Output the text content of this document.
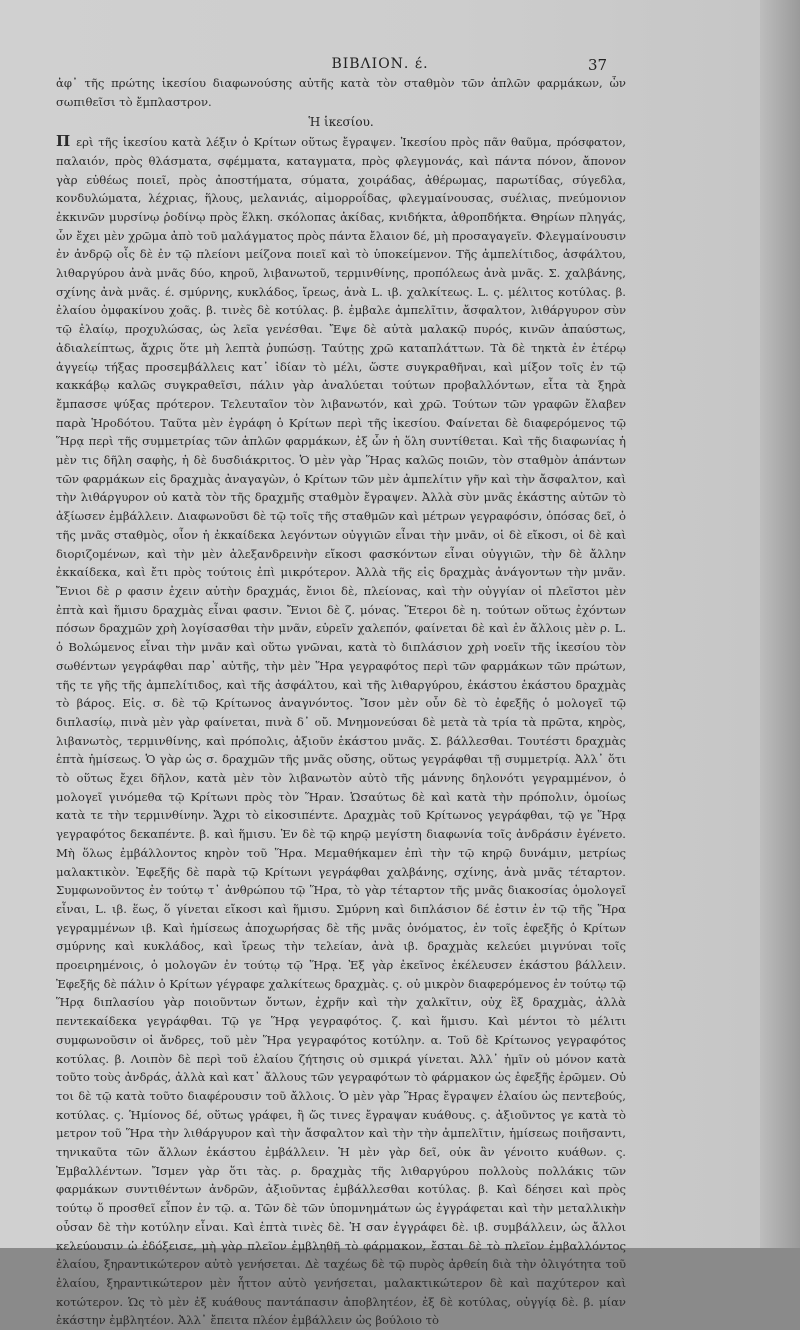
ΒΙΒΛΙΟΝ. έ.	37

ἀφ᾽ τῆς πρώτης ἱκεσίου διαφωνούσης αὐτῆς κατὰ τὸν σταθμὸν τῶν ἁπλῶν φαρμάκων, ὧν σωπιθεῖσι τὸ ἔμπλαστρον.

Ἡ ἱκεσίου.

Π ερὶ τῆς ἱκεσίου κατὰ λέξιν ὁ Κρίτων οὕτως ἔγραψεν. Ἱκεσίου πρὸς πᾶν θαῦμα, πρόσφατον, παλαιόν, πρὸς θλάσματα, σφέμματα, καταγματα, πρὸς φλεγμονάς, καὶ πάντα πόνον, ἄπονον γὰρ εὐθέως ποιεῖ, πρὸς ἀποστήματα, σύματα, χοιράδας, ἀθέρωμας, παρωτίδας, σύγεδλα, κονδυλώματα, λέχριας, ἥλους, μελανιάς, αἱμορροΐδας, φλεγμαίνουσας, συέλιας, πνεύμονιον ἐκκινῶν μυρσίνῳ ῥοδίνῳ πρὸς ἕλκη. σκόλοπας ἀκίδας, κνιδήκτα, ἀθροπδήκτα. Θηρίων πληγάς, ὧν ἔχει μὲν χρῶμα ἀπὸ τοῦ μαλάγματος πρὸς πάντα ἔλαιον δέ, μὴ προσαγαγεῖν. Φλεγμαίνουσιν ἐν ἀνδρῷ οἷς δὲ ἐν τῷ πλείονι μείζονα ποιεῖ καὶ τὸ ὑποκείμενον. Τῆς ἀμπελίτιδος, ἀσφάλτου, λιθαργύρου ἀνὰ μνᾶς δύο, κηροῦ, λιβανωτοῦ, τερμινθίνης, προπόλεως ἀνὰ μνᾶς. Σ. χαλβάνης, σχίνης ἀνὰ μνᾶς. έ. σμύρνης, κυκλάδος, ἴρεως, ἀνὰ L. ιβ. χαλκίτεως. L. ς. μέλιτος κοτύλας. β. ἐλαίου ὀμφακίνου χοᾶς. β. τινὲς δὲ κοτύλας. β. ἐμβαλε ἀμπελῖτιν, ἄσφαλτον, λιθάργυρον σὺν τῷ ἐλαίῳ, προχυλώσας, ὡς λεῖα γενέσθαι. Ἔψε δὲ αὐτὰ μαλακῷ πυρός, κινῶν ἀπαύστως, ἀδιαλείπτως, ἄχρις ὅτε μὴ λεπτὰ ῥυπώσῃ. Ταύτῃς χρῶ καταπλάττων. Τὰ δὲ τηκτὰ ἐν ἑτέρῳ ἀγγείῳ τήξας προσεμβάλλεις κατ᾽ ἰδίαν τὸ μέλι, ὥστε συγκραθῆναι, καὶ μίξον τοῖς ἐν τῷ κακκάβῳ καλῶς συγκραθεῖσι, πάλιν γὰρ ἀναλύεται τούτων προβαλλόντων, εἶτα τὰ ξηρὰ ἔμπασσε ψύξας πρότερον. Τελευταῖον τὸν λιβανωτόν, καὶ χρῶ. Τούτων τῶν γραφῶν ἔλαβεν παρὰ Ἡροδότου. Ταῦτα μὲν ἐγράφη ὁ Κρίτων περὶ τῆς ἱκεσίου. Φαίνεται δὲ διαφερόμενος τῷ Ἥρᾳ περὶ τῆς συμμετρίας τῶν ἁπλῶν φαρμάκων, ἐξ ὧν ἡ ὅλη συντίθεται. Καὶ τῆς διαφωνίας ἡ μὲν τις δῆλη σαφὴς, ἡ δὲ δυσδιάκριτος. Ὁ μὲν γὰρ Ἥρας καλῶς ποιῶν, τὸν σταθμὸν ἁπάντων τῶν φαρμάκων εἰς δραχμὰς ἀναγαγὼν, ὁ Κρίτων τῶν μὲν ἀμπελίτιν γῆν καὶ τὴν ἄσφαλτον, καὶ τὴν λιθάργυρον οὐ κατὰ τὸν τῆς δραχμῆς σταθμὸν ἔγραψεν. Ἀλλὰ σὺν μνᾶς ἑκάστης αὐτῶν τὸ ἀξίωσεν ἐμβάλλειν. Διαφωνοῦσι δὲ τῷ τοῖς τῆς σταθμῶν καὶ μέτρων γεγραφόσιν, ὁπόσας δεῖ, ὁ τῆς μνᾶς σταθμὸς, οἷον ἡ ἐκκαίδεκα λεγόντων οὐγγιῶν εἶναι τὴν μνᾶν, οἱ δὲ εἴκοσι, οἱ δὲ καὶ διοριζομένων, καὶ τὴν μὲν ἀλεξανδρεινὴν εἴκοσι φασκόντων εἶναι οὐγγιῶν, τὴν δὲ ἄλλην ἐκκαίδεκα, καὶ ἔτι πρὸς τούτοις ἐπὶ μικρότερον. Ἀλλὰ τῆς εἰς δραχμὰς ἀνάγοντων τὴν μνᾶν. Ἔνιοι δὲ ρ φασιν ἐχειν αὐτὴν δραχμάς, ἔνιοι δὲ, πλείονας, καὶ τὴν οὐγγίαν οἱ πλεῖστοι μὲν ἐπτὰ καὶ ἥμισυ δραχμὰς εἶναι φασιν. Ἔνιοι δὲ ζ. μόνας. Ἕτεροι δὲ η. τούτων οὕτως ἐχόντων πόσων δραχμῶν χρὴ λογίσασθαι τὴν μνᾶν, εὑρεῖν χαλεπόν, φαίνεται δὲ καὶ ἐν ἄλλοις μὲν ρ. L. ὁ Βολώμενος εἶναι τὴν μνᾶν καὶ οὕτω γνῶναι, κατὰ τὸ διπλάσιον χρὴ νοεῖν τῆς ἱκεσίου τὸν σωθέντων γεγράφθαι παρ᾽ αὐτῆς, τὴν μὲν Ἥρα γεγραφότος περὶ τῶν φαρμάκων τῶν πρώτων, τῆς τε γῆς τῆς ἀμπελίτιδος, καὶ τῆς ἀσφάλτου, καὶ τῆς λιθαργύρου, ἑκάστου ἑκάστου δραχμὰς τὸ βάρος. Εἰς. σ. δὲ τῷ Κρίτωνος ἀναγνόντος. Ἴσον μὲν οὖν δὲ τὸ ἐφεξῆς ὁ μολογεῖ τῷ διπλασίῳ, πινὰ μὲν γὰρ φαίνεται, πινὰ δ᾽ οὔ. Μνημονεύσαι δὲ μετὰ τὰ τρία τὰ πρῶτα, κηρὸς, λιβανωτὸς, τερμινθίνης, καὶ πρόπολις, ἀξιοῦν ἑκάστου μνᾶς. Σ. βάλλεσθαι. Τουτέστι δραχμὰς ἑπτὰ ἡμίσεως. Ὁ γὰρ ὡς σ. δραχμῶν τῆς μνᾶς οὔσης, οὕτως γεγράφθαι τῇ συμμετρίᾳ. Ἀλλ᾽ ὅτι τὸ οὕτως ἔχει δῆλον, κατὰ μὲν τὸν λιβανωτὸν αὐτὸ τῆς μάννης δηλονότι γεγραμμένον, ὁ μολογεῖ γινόμεθα τῷ Κρίτωνι πρὸς τὸν Ἥραν. Ὡσαύτως δὲ καὶ κατὰ τὴν πρόπολιν, ὁμοίως κατὰ τε τὴν τερμινθίνην. Ἄχρι τὸ εἰκοσιπέντε. Δραχμὰς τοῦ Κρίτωνος γεγράφθαι, τῷ γε Ἥρᾳ γεγραφότος δεκαπέντε. β. καὶ ἥμισυ. Ἐν δὲ τῷ κηρῷ μεγίστη διαφωνία τοῖς ἀνδράσιν ἐγένετο. Μὴ ὅλως ἐμβάλλοντος κηρὸν τοῦ Ἥρα. Μεμαθήκαμεν ἐπὶ τὴν τῷ κηρῷ δυνάμιν, μετρίως μαλακτικὸν. Ἐφεξῆς δὲ παρὰ τῷ Κρίτωνι γεγράφθαι χαλβάνης, σχίνης, ἀνὰ μνᾶς τέταρτον. Συμφωνοῦντος ἐν τούτῳ τ᾽ ἀνθρώπου τῷ Ἥρα, τὸ γὰρ τέταρτον τῆς μνᾶς διακοσίας ὁμολογεῖ εἶναι, L. ιβ. ἕως, ὅ γίνεται εἴκοσι καὶ ἥμισυ. Σμύρνη καὶ διπλάσιον δέ ἐστιν ἐν τῷ τῆς Ἥρα γεγραμμένων ιβ. Καὶ ἡμίσεως ἀποχωρήσας δὲ τῆς μνᾶς ὀνόματος, ἐν τοῖς ἐφεξῆς ὁ Κρίτων σμύρνης καὶ κυκλάδος, καὶ ἴρεως τὴν τελείαν, ἀνὰ ιβ. δραχμὰς κελεύει μιγνύναι τοῖς προειρημένοις, ὁ μολογῶν ἐν τούτῳ τῷ Ἥρᾳ. Ἐξ γὰρ ἐκεῖνος ἐκέλευσεν ἑκάστου βάλλειν. Ἐφεξῆς δὲ πάλιν ὁ Κρίτων γέγραφε χαλκίτεως δραχμὰς. ς. οὐ μικρὸν διαφερόμενος ἐν τούτῳ τῷ Ἥρᾳ διπλασίου γὰρ ποιοῦντων ὄντων, ἐχρῆν καὶ τὴν χαλκῖτιν, οὐχ ἓξ δραχμὰς, ἀλλὰ πεντεκαίδεκα γεγράφθαι. Τῷ γε Ἥρᾳ γεγραφότος. ζ. καὶ ἥμισυ. Καὶ μέντοι τὸ μέλιτι συμφωνοῦσιν οἱ ἄνδρες, τοῦ μὲν Ἥρα γεγραφότος κοτύλην. α. Τοῦ δὲ Κρίτωνος γεγραφότος κοτύλας. β. Λοιπὸν δὲ περὶ τοῦ ἐλαίου ζήτησις οὐ σμικρά γίνεται. Ἀλλ᾽ ἡμῖν οὐ μόνον κατὰ τοῦτο τοὺς ἀνδράς, ἀλλὰ καὶ κατ᾽ ἄλλους τῶν γεγραφότων τὸ φάρμακον ὡς ἐφεξῆς ἐρῶμεν. Οὐ τοι δὲ τῷ κατὰ τοῦτο διαφέρουσιν τοῦ ἄλλοις. Ὁ μὲν γὰρ Ἥρας ἔγραψεν ἐλαίου ὡς πεντεβούς, κοτύλας. ς. Ἡμίονος δέ, οὕτως γράφει, ἢ ὥς τινες ἔγραψαν κυάθους. ς. ἀξιοῦντος γε κατὰ τὸ μετρον τοῦ Ἥρα τὴν λιθάργυρον καὶ τὴν ἄσφαλτον καὶ τὴν τὴν ἀμπελῖτιν, ἡμίσεως ποιῆσαντι, τηνικαῦτα τῶν ἄλλων ἑκάστου ἐμβάλλειν. Ἡ μὲν γὰρ δεῖ, οὐκ ἂν γένοιτο κυάθων. ς. Ἐμβαλλέντων. Ἴσμεν γὰρ ὅτι τὰς. ρ. δραχμὰς τῆς λιθαργύρου πολλοὺς πολλάκις τῶν φαρμάκων συντιθέντων ἀνδρῶν, ἀξιοῦντας ἐμβάλλεσθαι κοτύλας. β. Καὶ δέησει καὶ πρὸς τούτῳ ὅ προσθεῖ εἶπον ἐν τῷ. α. Τῶν δὲ τῶν ὑπομνημάτων ὡς ἐγγράφεται καὶ τὴν μεταλλικὴν οὖσαν δὲ τὴν κοτύλην εἶναι. Καὶ ἑπτὰ τινὲς δὲ. Ἡ σαν ἐγγράφει δὲ. ιβ. συμβάλλειν, ὡς ἄλλοι κελεύουσιν ὡ ἐδόξεισε, μὴ γὰρ πλεῖον ἐμβληθῆ τὸ φάρμακον, ἔσται δὲ τὸ πλεῖον ἐμβαλλόντος ἐλαίου, ξηραντικώτερον αὐτὸ γενήσεται. Δὲ ταχέως δὲ τῷ πυρὸς ἀρθείη διὰ τὴν ὀλιγότητα τοῦ ἐλαίου, ξηραντικώτερον μὲν ἧττον αὐτὸ γενήσεται, μαλακτικώτερον δὲ καὶ παχύτερον καὶ κοτώτερον. Ὡς τὸ μὲν ἐξ κυάθους παντάπασιν ἀποβλητέον, ἐξ δὲ κοτύλας, οὐγγίᾳ δὲ. β. μίαν ἑκάστην ἐμβλητέον. Ἀλλ᾽ ἔπειτα πλέον ἐμβάλλειν ὡς βούλοιο τὸ
